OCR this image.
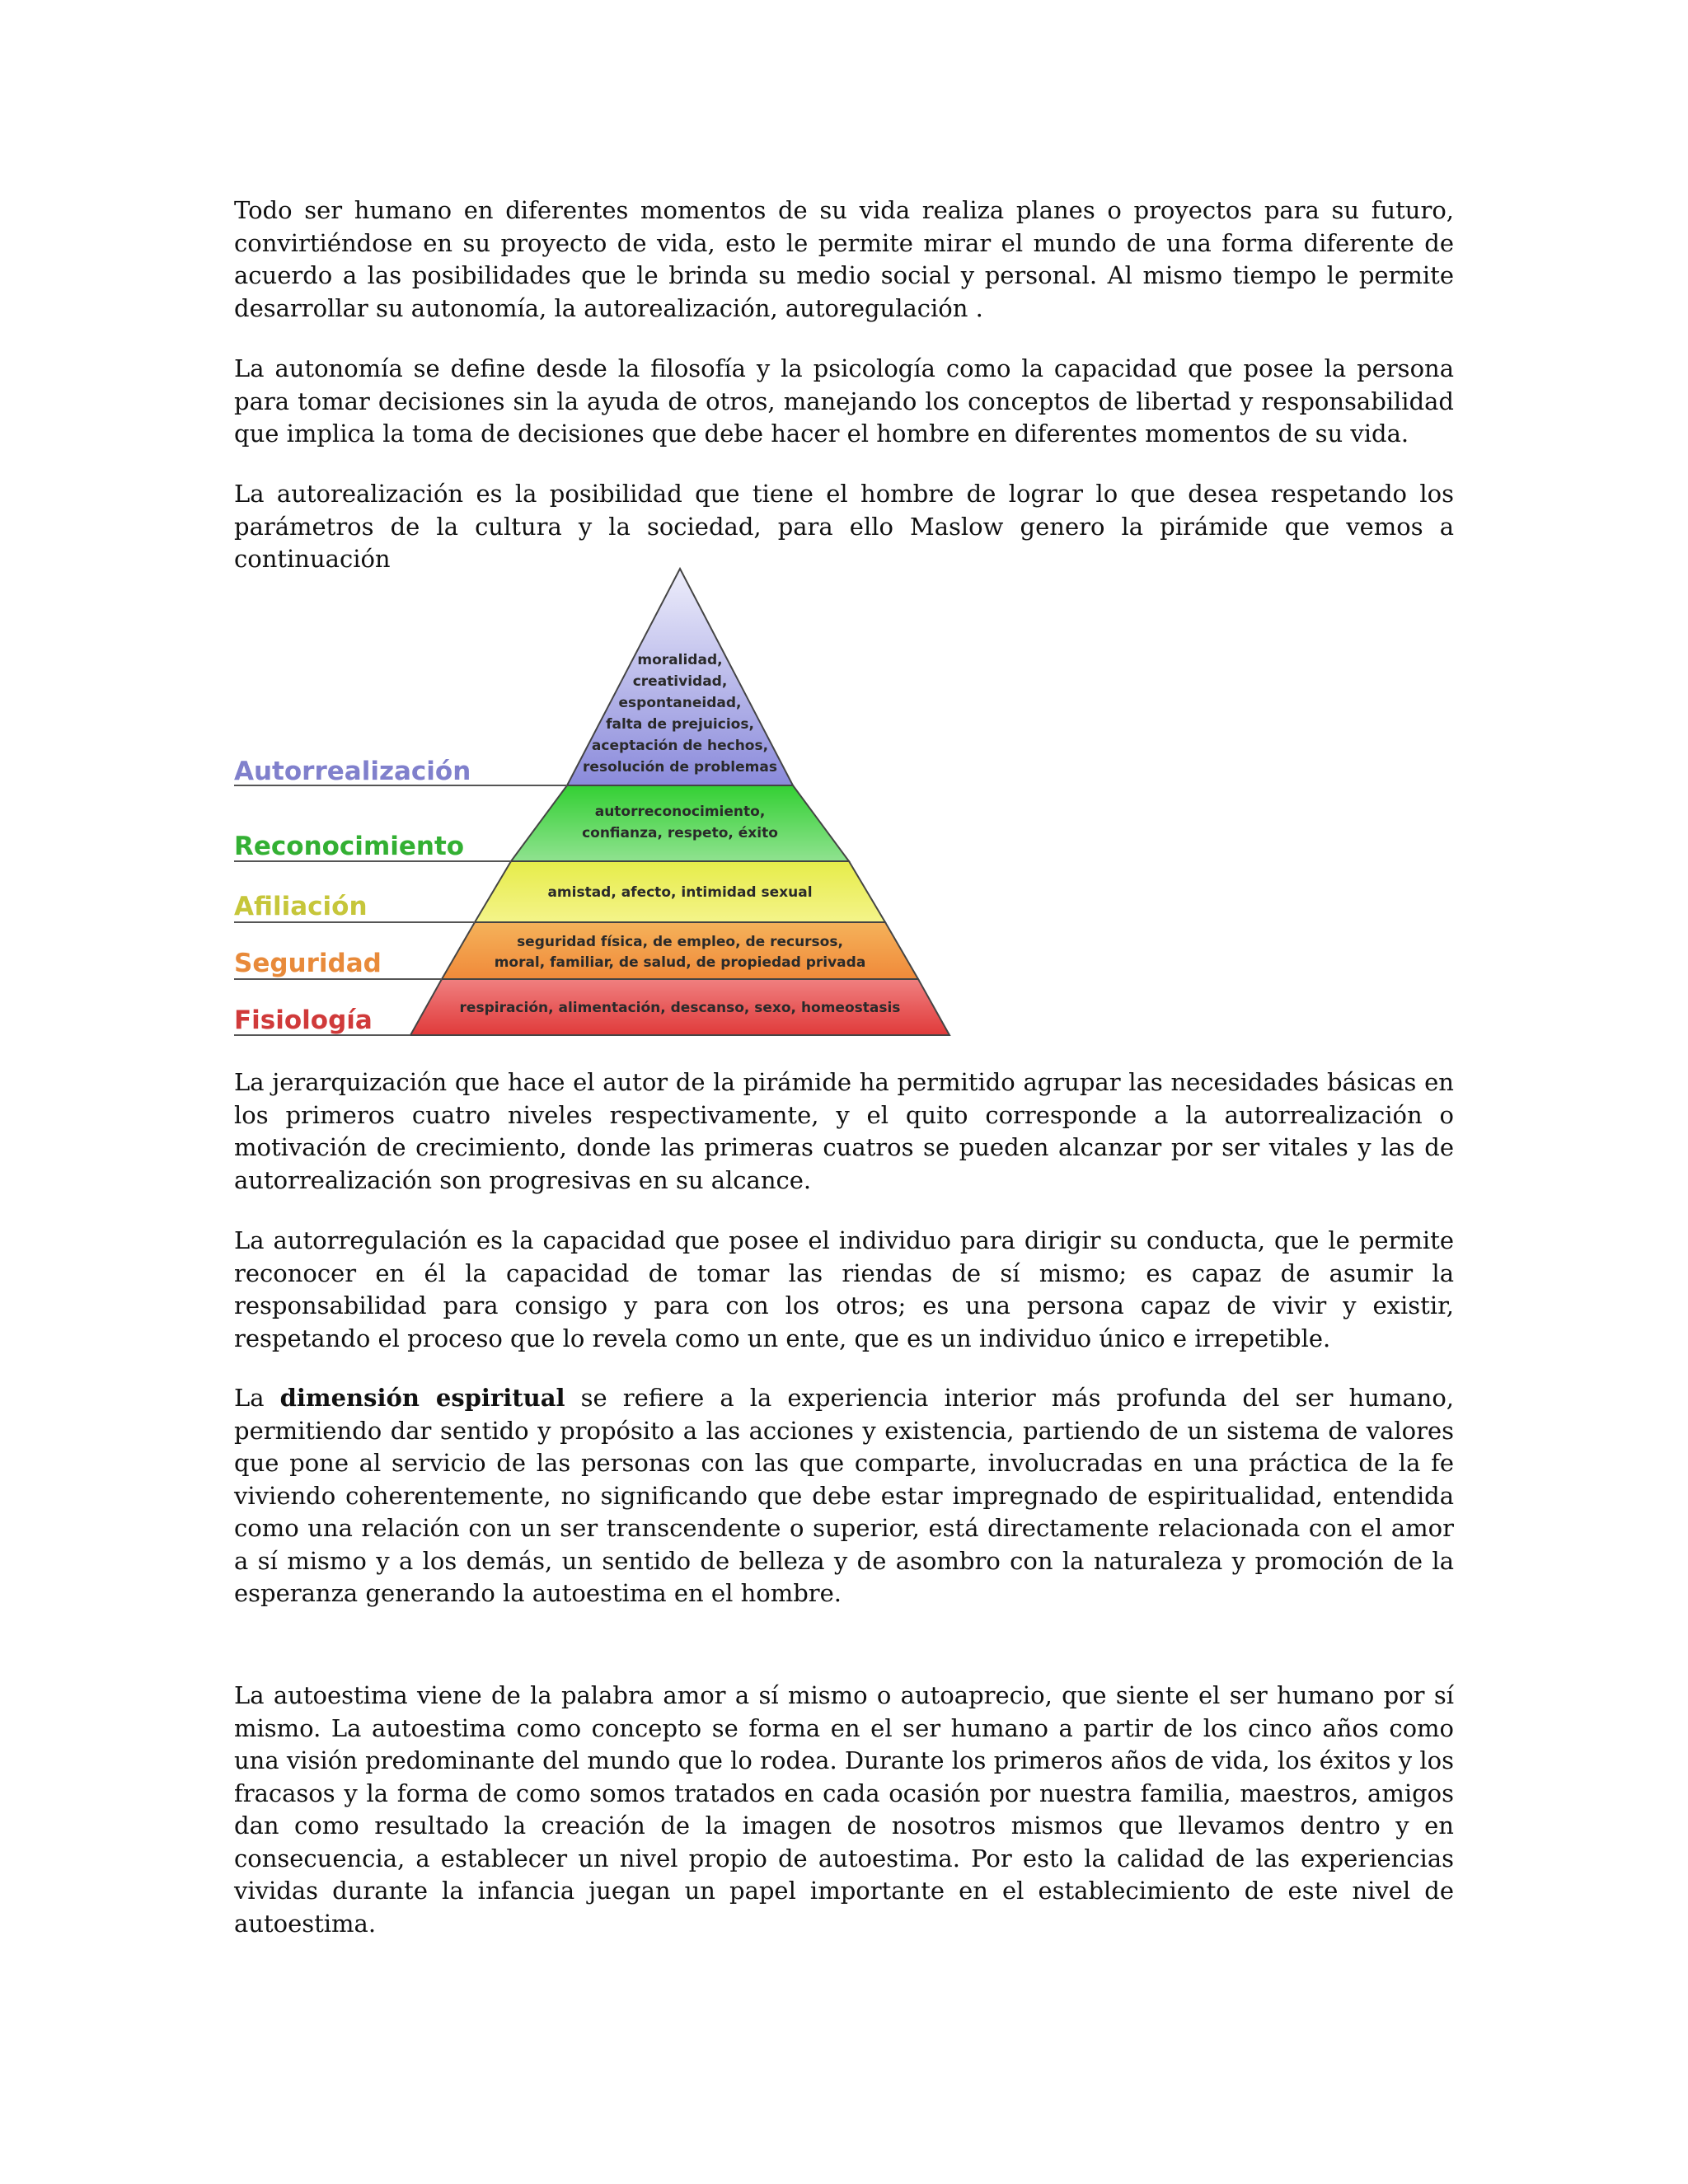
Todo ser humano en diferentes momentos de su vida realiza planes o proyectos para su futuro, convirtiéndose en su proyecto de vida, esto le permite mirar el mundo de una forma diferente de acuerdo a las posibilidades que le brinda su medio social y personal. Al mismo tiempo le permite desarrollar su autonomía, la autorealización, autoregulación .

La autonomía se define desde la filosofía y la psicología como la capacidad que posee la persona para tomar decisiones sin la ayuda de otros, manejando los conceptos de libertad y responsabilidad que implica la toma de decisiones que debe hacer el hombre en diferentes momentos de su vida.

La autorealización es la posibilidad que tiene el hombre de lograr lo que desea respetando los parámetros de la cultura y la sociedad, para ello Maslow genero la pirámide que vemos a continuación

Autorrealización
Reconocimiento
Afiliación
Seguridad
Fisiología
moralidad,
creatividad,
espontaneidad,
falta de prejuicios,
aceptación de hechos,
resolución de problemas
autorreconocimiento,
confianza, respeto, éxito
amistad, afecto, intimidad sexual
seguridad física, de empleo, de recursos,
moral, familiar, de salud, de propiedad privada
respiración, alimentación, descanso, sexo, homeostasis

La jerarquización que hace el autor de la pirámide ha permitido agrupar las necesidades básicas en los primeros cuatro niveles respectivamente, y el quito corresponde a la autorrealización o motivación de crecimiento, donde las primeras cuatros se pueden alcanzar por ser vitales y las de autorrealización son progresivas en su alcance.

La autorregulación es la capacidad que posee el individuo para dirigir su conducta, que le permite reconocer en él la capacidad de tomar las riendas de sí mismo; es capaz de asumir la responsabilidad para consigo y para con los otros; es una persona capaz de vivir y existir, respetando el proceso que lo revela como un ente, que es un individuo único e irrepetible.

La dimensión espiritual se refiere a la experiencia interior más profunda del ser humano, permitiendo dar sentido y propósito a las acciones y existencia, partiendo de un sistema de valores que pone al servicio de las personas con las que comparte, involucradas en una práctica de la fe viviendo coherentemente, no significando que debe estar impregnado de espiritualidad, entendida como una relación con un ser transcendente o superior, está directamente relacionada con el amor a sí mismo y a los demás, un sentido de belleza y de asombro con la naturaleza y promoción de la esperanza generando la autoestima en el hombre.

La autoestima viene de la palabra amor a sí mismo o autoaprecio, que siente el ser humano por sí mismo. La autoestima como concepto se forma en el ser humano a partir de los cinco años como una visión predominante del mundo que lo rodea. Durante los primeros años de vida, los éxitos y los fracasos y la forma de como somos tratados en cada ocasión por nuestra familia, maestros, amigos dan como resultado la creación de la imagen de nosotros mismos que llevamos dentro y en consecuencia, a establecer un nivel propio de autoestima. Por esto la calidad de las experiencias vividas durante la infancia juegan un papel importante en el establecimiento de este nivel de autoestima.
